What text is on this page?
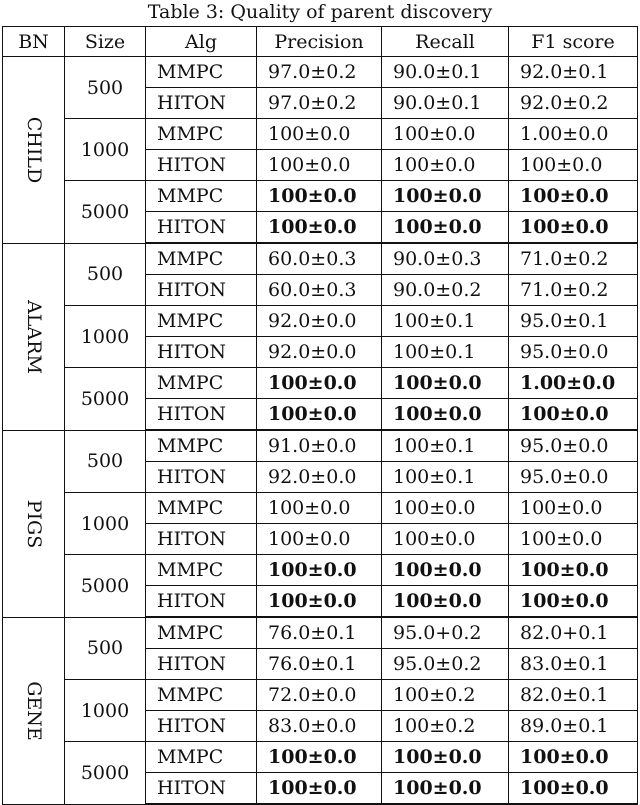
Table 3: Quality of parent discovery
BN	Size	Alg	Precision	Recall	F1 score

CHILD	500	MMPC	97.0±0.2	90.0±0.1	92.0±0.1
		HITON	97.0±0.2	90.0±0.1	92.0±0.2
	1000	MMPC	100±0.0	100±0.0	1.00±0.0
		HITON	100±0.0	100±0.0	100±0.0
	5000	MMPC	100±0.0	100±0.0	100±0.0
		HITON	100±0.0	100±0.0	100±0.0

ALARM	500	MMPC	60.0±0.3	90.0±0.3	71.0±0.2
		HITON	60.0±0.3	90.0±0.2	71.0±0.2
	1000	MMPC	92.0±0.0	100±0.1	95.0±0.1
		HITON	92.0±0.0	100±0.1	95.0±0.0
	5000	MMPC	100±0.0	100±0.0	1.00±0.0
		HITON	100±0.0	100±0.0	100±0.0

PIGS	500	MMPC	91.0±0.0	100±0.1	95.0±0.0
		HITON	92.0±0.0	100±0.1	95.0±0.0
	1000	MMPC	100±0.0	100±0.0	100±0.0
		HITON	100±0.0	100±0.0	100±0.0
	5000	MMPC	100±0.0	100±0.0	100±0.0
		HITON	100±0.0	100±0.0	100±0.0

GENE	500	MMPC	76.0±0.1	95.0+0.2	82.0+0.1
		HITON	76.0±0.1	95.0±0.2	83.0±0.1
	1000	MMPC	72.0±0.0	100±0.2	82.0±0.1
		HITON	83.0±0.0	100±0.2	89.0±0.1
	5000	MMPC	100±0.0	100±0.0	100±0.0
		HITON	100±0.0	100±0.0	100±0.0
